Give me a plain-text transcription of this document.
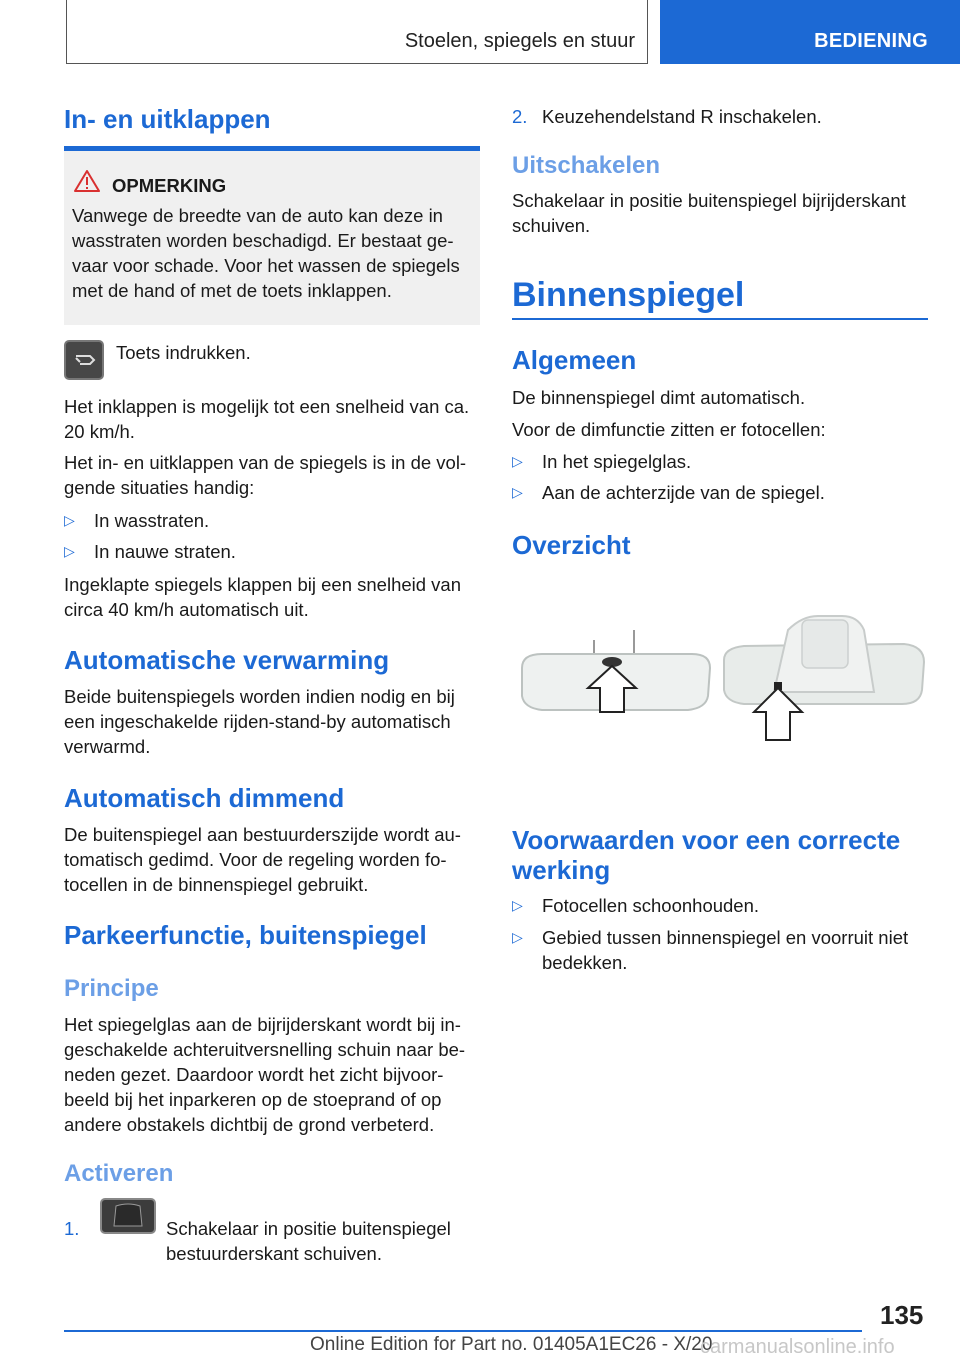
Stoelen, spiegels en stuur	BEDIENING
In- en uitklappen
OPMERKING
Vanwege de breedte van de auto kan deze in wasstraten worden beschadigd. Er bestaat ge-vaar voor schade. Voor het wassen de spiegels met de hand of met de toets inklappen.
Toets indrukken.
Het inklappen is mogelijk tot een snelheid van ca. 20 km/h.
Het in- en uitklappen van de spiegels is in de vol-gende situaties handig:
▷ In wasstraten.
▷ In nauwe straten.
Ingeklapte spiegels klappen bij een snelheid van circa 40 km/h automatisch uit.
Automatische verwarming
Beide buitenspiegels worden indien nodig en bij een ingeschakelde rijden-stand-by automatisch verwarmd.
Automatisch dimmend
De buitenspiegel aan bestuurderszijde wordt au-tomatisch gedimd. Voor de regeling worden fo-tocellen in de binnenspiegel gebruikt.
Parkeerfunctie, buitenspiegel
Principe
Het spiegelglas aan de bijrijderskant wordt bij in-geschakelde achteruitversnelling schuin naar be-neden gezet. Daardoor wordt het zicht bijvoor-beeld bij het inparkeren op de stoeprand of op andere obstakels dichtbij de grond verbeterd.
Activeren
1.	Schakelaar in positie buitenspiegel bestuurderskant schuiven.
2. Keuzehendelstand R inschakelen.
Uitschakelen
Schakelaar in positie buitenspiegel bijrijderskant schuiven.
Binnenspiegel
Algemeen
De binnenspiegel dimt automatisch.
Voor de dimfunctie zitten er fotocellen:
▷ In het spiegelglas.
▷ Aan de achterzijde van de spiegel.
Overzicht
Voorwaarden voor een correcte werking
▷ Fotocellen schoonhouden.
▷ Gebied tussen binnenspiegel en voorruit niet bedekken.
135
Online Edition for Part no. 01405A1EC26 - X/20
carmanualsonline.info
